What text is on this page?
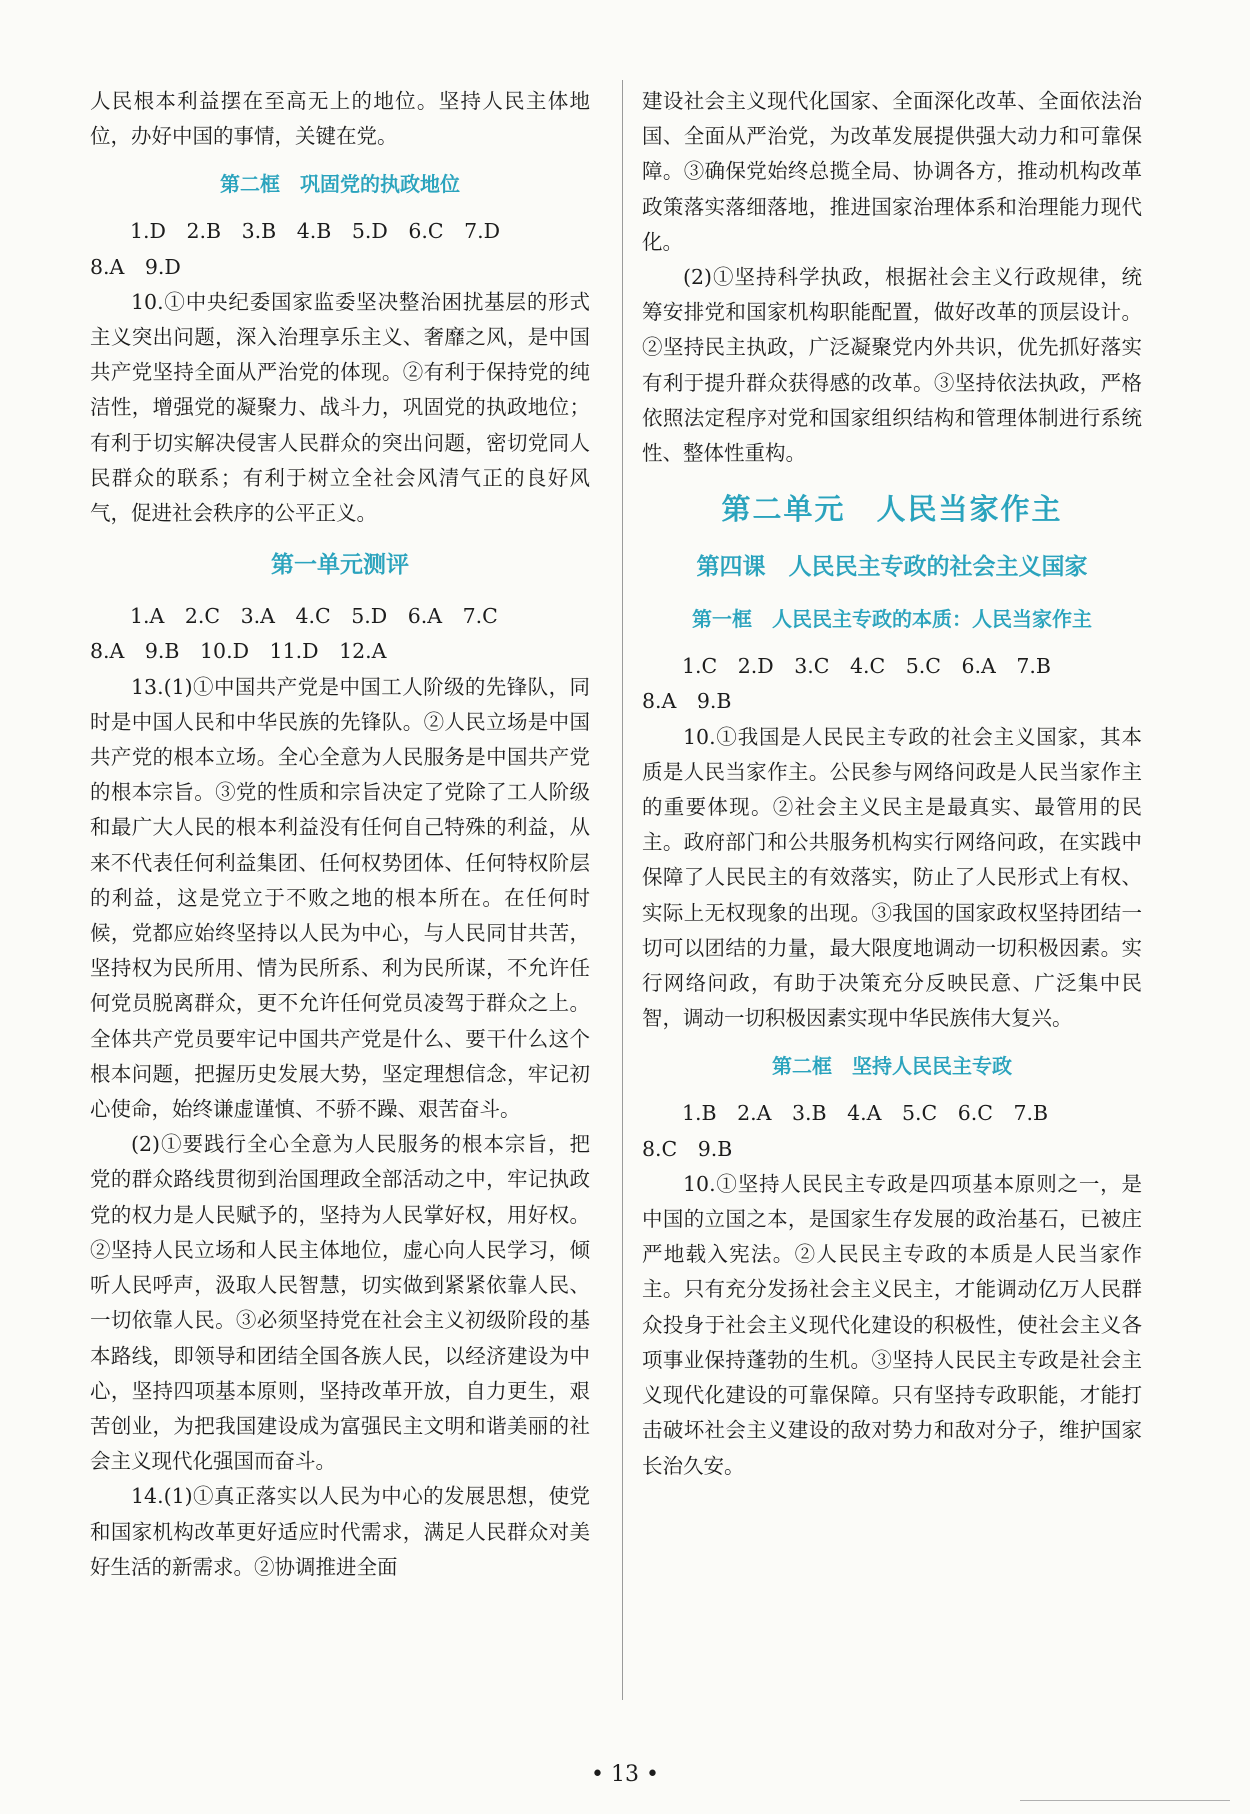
人民根本利益摆在至高无上的地位。坚持人民主体地位，办好中国的事情，关键在党。

第二框　巩固党的执政地位

1.D　2.B　3.B　4.B　5.D　6.C　7.D

8.A　9.D

10.①中央纪委国家监委坚决整治困扰基层的形式主义突出问题，深入治理享乐主义、奢靡之风，是中国共产党坚持全面从严治党的体现。②有利于保持党的纯洁性，增强党的凝聚力、战斗力，巩固党的执政地位；有利于切实解决侵害人民群众的突出问题，密切党同人民群众的联系；有利于树立全社会风清气正的良好风气，促进社会秩序的公平正义。

第一单元测评

1.A　2.C　3.A　4.C　5.D　6.A　7.C

8.A　9.B　10.D　11.D　12.A

13.(1)①中国共产党是中国工人阶级的先锋队，同时是中国人民和中华民族的先锋队。②人民立场是中国共产党的根本立场。全心全意为人民服务是中国共产党的根本宗旨。③党的性质和宗旨决定了党除了工人阶级和最广大人民的根本利益没有任何自己特殊的利益，从来不代表任何利益集团、任何权势团体、任何特权阶层的利益，这是党立于不败之地的根本所在。在任何时候，党都应始终坚持以人民为中心，与人民同甘共苦，坚持权为民所用、情为民所系、利为民所谋，不允许任何党员脱离群众，更不允许任何党员凌驾于群众之上。全体共产党员要牢记中国共产党是什么、要干什么这个根本问题，把握历史发展大势，坚定理想信念，牢记初心使命，始终谦虚谨慎、不骄不躁、艰苦奋斗。

(2)①要践行全心全意为人民服务的根本宗旨，把党的群众路线贯彻到治国理政全部活动之中，牢记执政党的权力是人民赋予的，坚持为人民掌好权，用好权。②坚持人民立场和人民主体地位，虚心向人民学习，倾听人民呼声，汲取人民智慧，切实做到紧紧依靠人民、一切依靠人民。③必须坚持党在社会主义初级阶段的基本路线，即领导和团结全国各族人民，以经济建设为中心，坚持四项基本原则，坚持改革开放，自力更生，艰苦创业，为把我国建设成为富强民主文明和谐美丽的社会主义现代化强国而奋斗。

14.(1)①真正落实以人民为中心的发展思想，使党和国家机构改革更好适应时代需求，满足人民群众对美好生活的新需求。②协调推进全面

建设社会主义现代化国家、全面深化改革、全面依法治国、全面从严治党，为改革发展提供强大动力和可靠保障。③确保党始终总揽全局、协调各方，推动机构改革政策落实落细落地，推进国家治理体系和治理能力现代化。

(2)①坚持科学执政，根据社会主义行政规律，统筹安排党和国家机构职能配置，做好改革的顶层设计。②坚持民主执政，广泛凝聚党内外共识，优先抓好落实有利于提升群众获得感的改革。③坚持依法执政，严格依照法定程序对党和国家组织结构和管理体制进行系统性、整体性重构。

第二单元　人民当家作主
第四课　人民民主专政的社会主义国家
第一框　人民民主专政的本质：人民当家作主

1.C　2.D　3.C　4.C　5.C　6.A　7.B

8.A　9.B

10.①我国是人民民主专政的社会主义国家，其本质是人民当家作主。公民参与网络问政是人民当家作主的重要体现。②社会主义民主是最真实、最管用的民主。政府部门和公共服务机构实行网络问政，在实践中保障了人民民主的有效落实，防止了人民形式上有权、实际上无权现象的出现。③我国的国家政权坚持团结一切可以团结的力量，最大限度地调动一切积极因素。实行网络问政，有助于决策充分反映民意、广泛集中民智，调动一切积极因素实现中华民族伟大复兴。

第二框　坚持人民民主专政

1.B　2.A　3.B　4.A　5.C　6.C　7.B

8.C　9.B

10.①坚持人民民主专政是四项基本原则之一，是中国的立国之本，是国家生存发展的政治基石，已被庄严地载入宪法。②人民民主专政的本质是人民当家作主。只有充分发扬社会主义民主，才能调动亿万人民群众投身于社会主义现代化建设的积极性，使社会主义各项事业保持蓬勃的生机。③坚持人民民主专政是社会主义现代化建设的可靠保障。只有坚持专政职能，才能打击破坏社会主义建设的敌对势力和敌对分子，维护国家长治久安。

• 13 •
